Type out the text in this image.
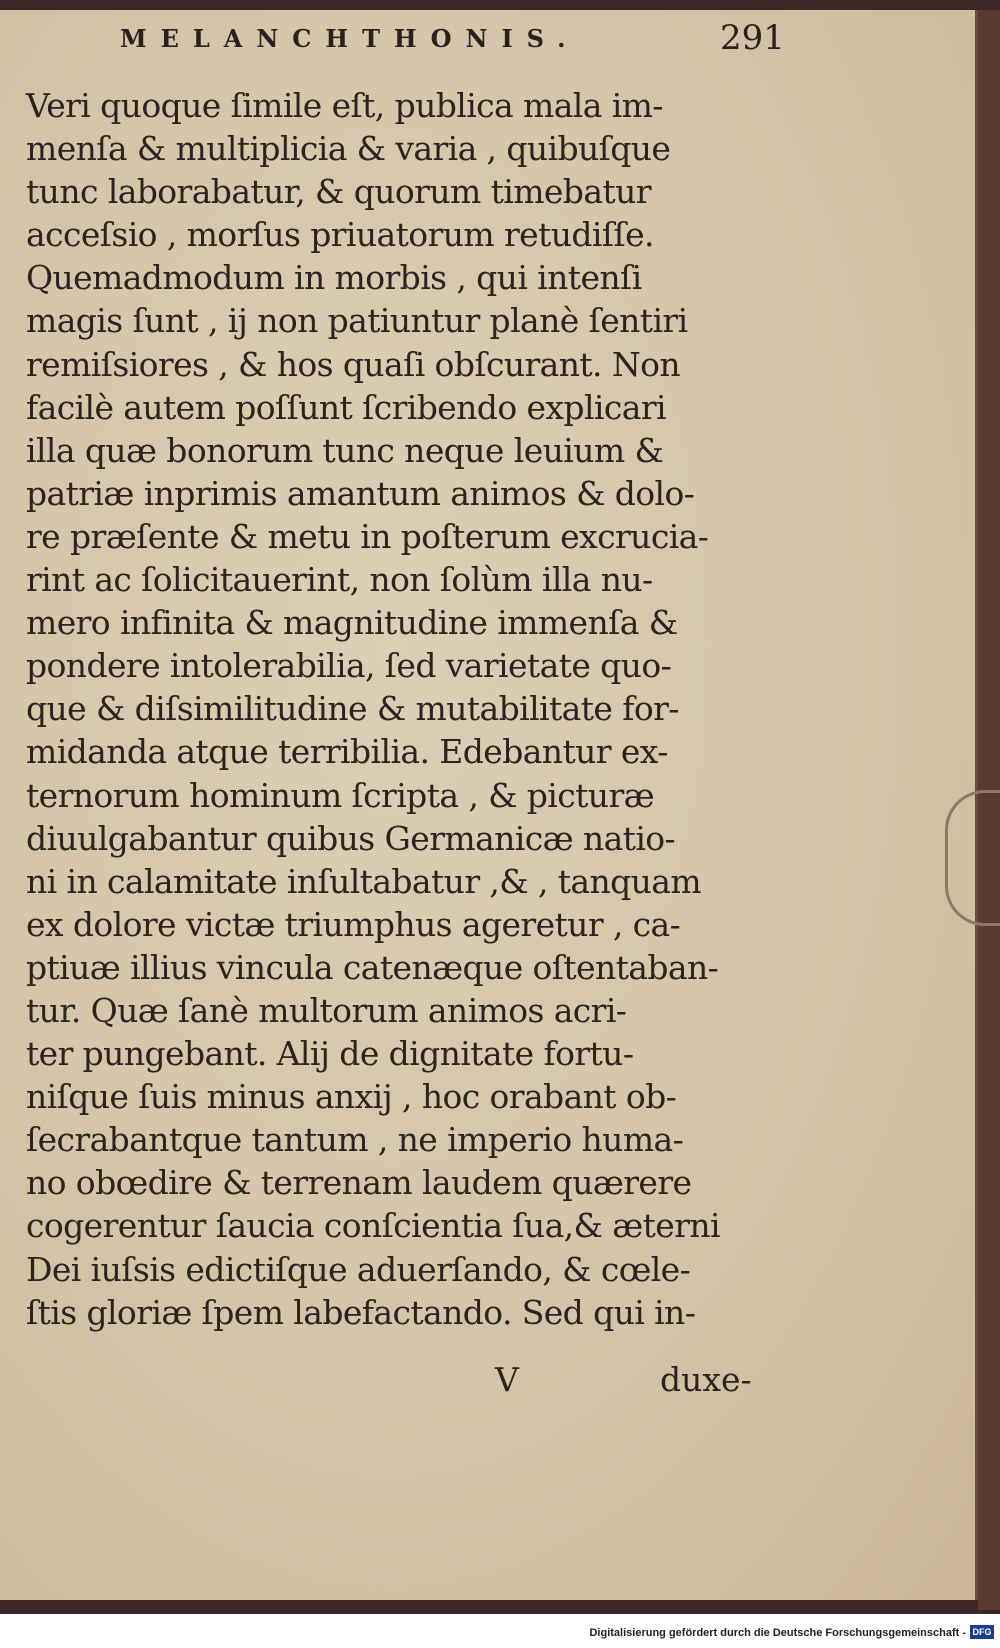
MELANCHTHONIS.	291
Veri quoque ſimile eſt, publica mala im-
menſa & multiplicia & varia , quibuſque
tunc laborabatur, & quorum timebatur
acceſsio , morſus priuatorum retudiſſe.
Quemadmodum in morbis , qui intenſi
magis ſunt , ij non patiuntur planè ſentiri
remiſsiores , & hos quaſi obſcurant. Non
facilè autem poſſunt ſcribendo explicari
illa quæ bonorum tunc neque leuium &
patriæ inprimis amantum animos & dolo-
re præſente & metu in poſterum excrucia-
rint ac ſolicitauerint, non ſolùm illa nu-
mero infinita & magnitudine immenſa &
pondere intolerabilia, ſed varietate quo-
que & diſsimilitudine & mutabilitate for-
midanda atque terribilia. Edebantur ex-
ternorum hominum ſcripta , & picturæ
diuulgabantur quibus Germanicæ natio-
ni in calamitate inſultabatur ,& , tanquam
ex dolore victæ triumphus ageretur , ca-
ptiuæ illius vincula catenæque oſtentaban-
tur. Quæ ſanè multorum animos acri-
ter pungebant. Alij de dignitate fortu-
niſque ſuis minus anxij , hoc orabant ob-
ſecrabantque tantum , ne imperio huma-
no obœdire & terrenam laudem quærere
cogerentur ſaucia conſcientia ſua,& æterni
Dei iuſsis edictiſque aduerſando, & cœle-
ſtis gloriæ ſpem labefactando. Sed qui in-
V	duxe-
Digitalisierung gefördert durch die Deutsche Forschungsgemeinschaft - DFG
